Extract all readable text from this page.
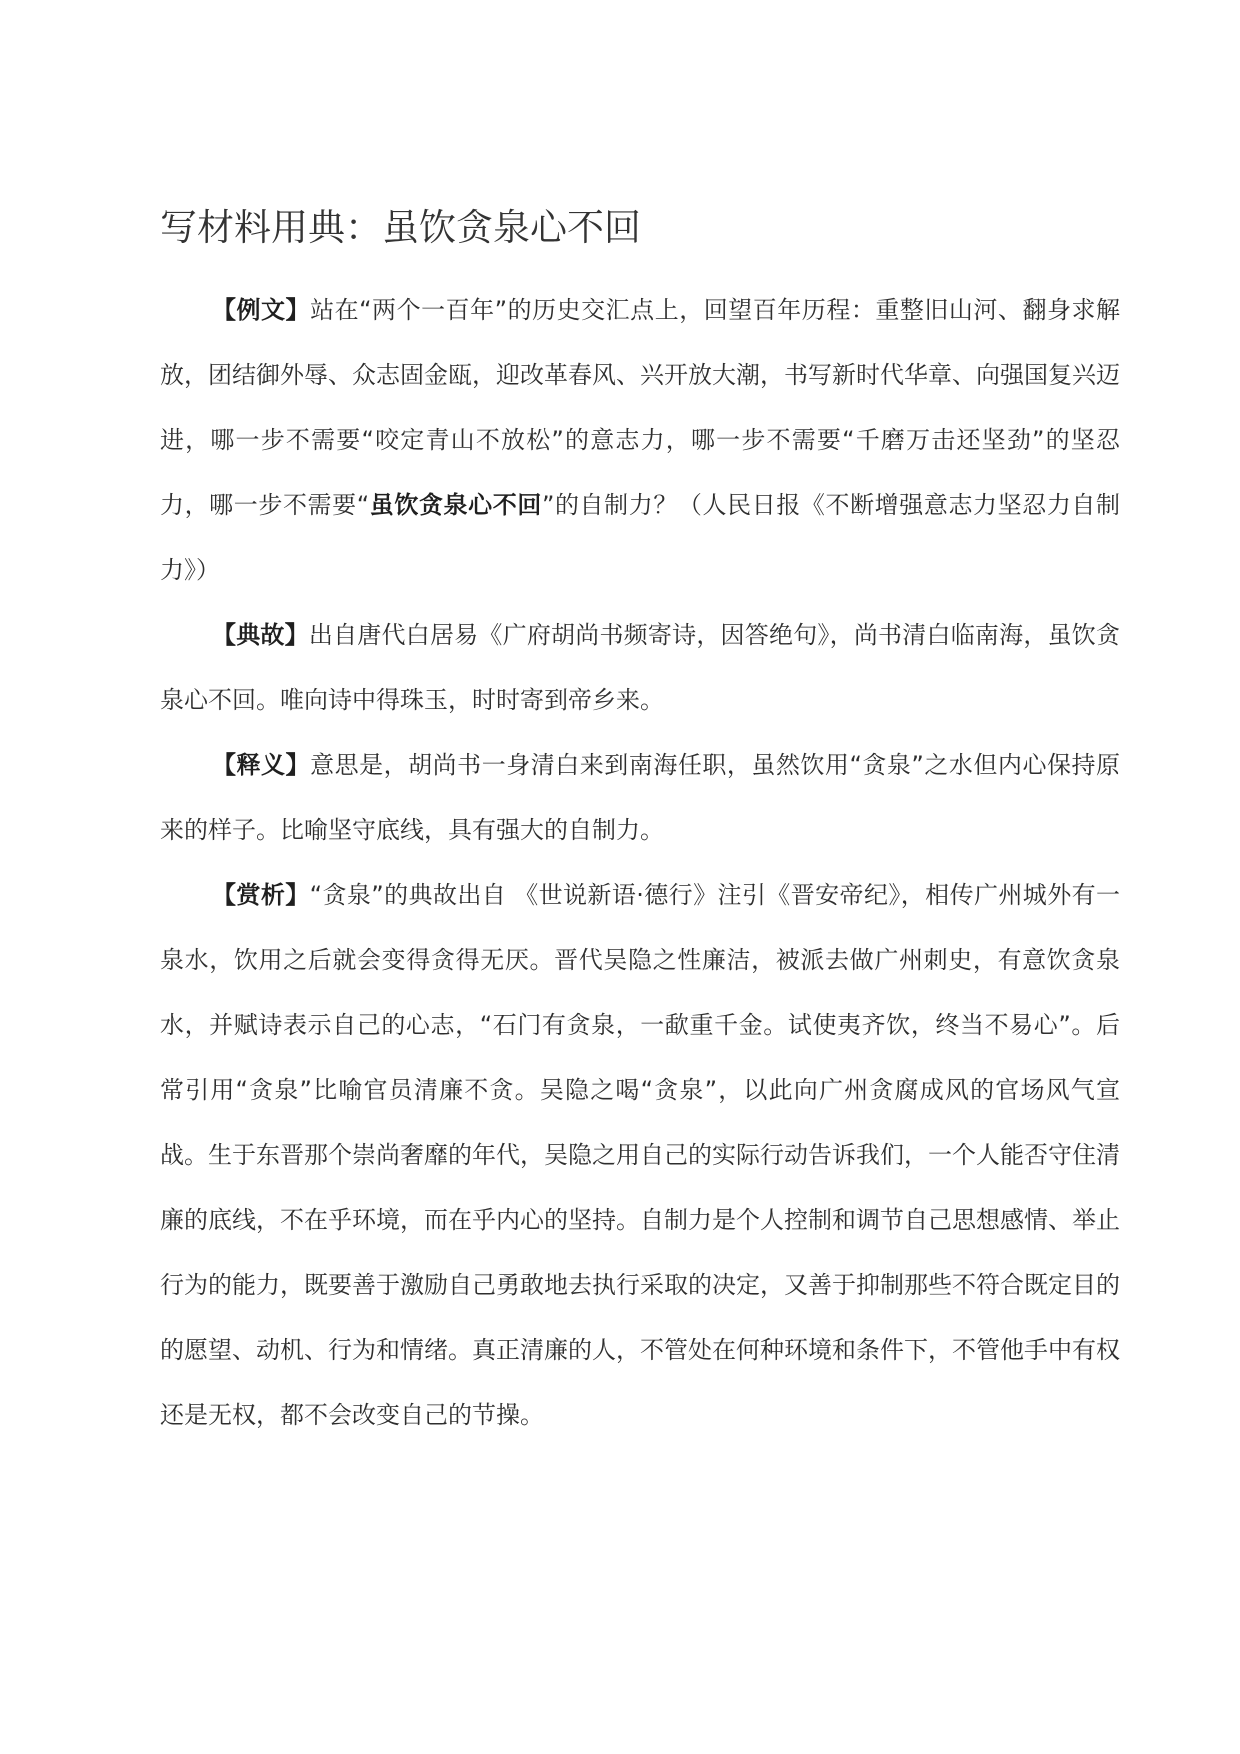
写材料用典：虽饮贪泉心不回

【例文】站在“两个一百年”的历史交汇点上，回望百年历程：重整旧山河、翻身求解放，团结御外辱、众志固金瓯，迎改革春风、兴开放大潮，书写新时代华章、向强国复兴迈进，哪一步不需要“咬定青山不放松”的意志力，哪一步不需要“千磨万击还坚劲”的坚忍力，哪一步不需要“虽饮贪泉心不回”的自制力？（人民日报《不断增强意志力坚忍力自制力》）

【典故】出自唐代白居易《广府胡尚书频寄诗，因答绝句》，尚书清白临南海，虽饮贪泉心不回。唯向诗中得珠玉，时时寄到帝乡来。

【释义】意思是，胡尚书一身清白来到南海任职，虽然饮用“贪泉”之水但内心保持原来的样子。比喻坚守底线，具有强大的自制力。

【赏析】“贪泉”的典故出自 《世说新语·德行》注引《晋安帝纪》，相传广州城外有一泉水，饮用之后就会变得贪得无厌。晋代吴隐之性廉洁，被派去做广州刺史，有意饮贪泉水，并赋诗表示自己的心志，“石门有贪泉，一歃重千金。试使夷齐饮，终当不易心”。后常引用“贪泉”比喻官员清廉不贪。吴隐之喝“贪泉”，以此向广州贪腐成风的官场风气宣战。生于东晋那个崇尚奢靡的年代，吴隐之用自己的实际行动告诉我们，一个人能否守住清廉的底线，不在乎环境，而在乎内心的坚持。自制力是个人控制和调节自己思想感情、举止行为的能力，既要善于激励自己勇敢地去执行采取的决定，又善于抑制那些不符合既定目的的愿望、动机、行为和情绪。真正清廉的人，不管处在何种环境和条件下，不管他手中有权还是无权，都不会改变自己的节操。
